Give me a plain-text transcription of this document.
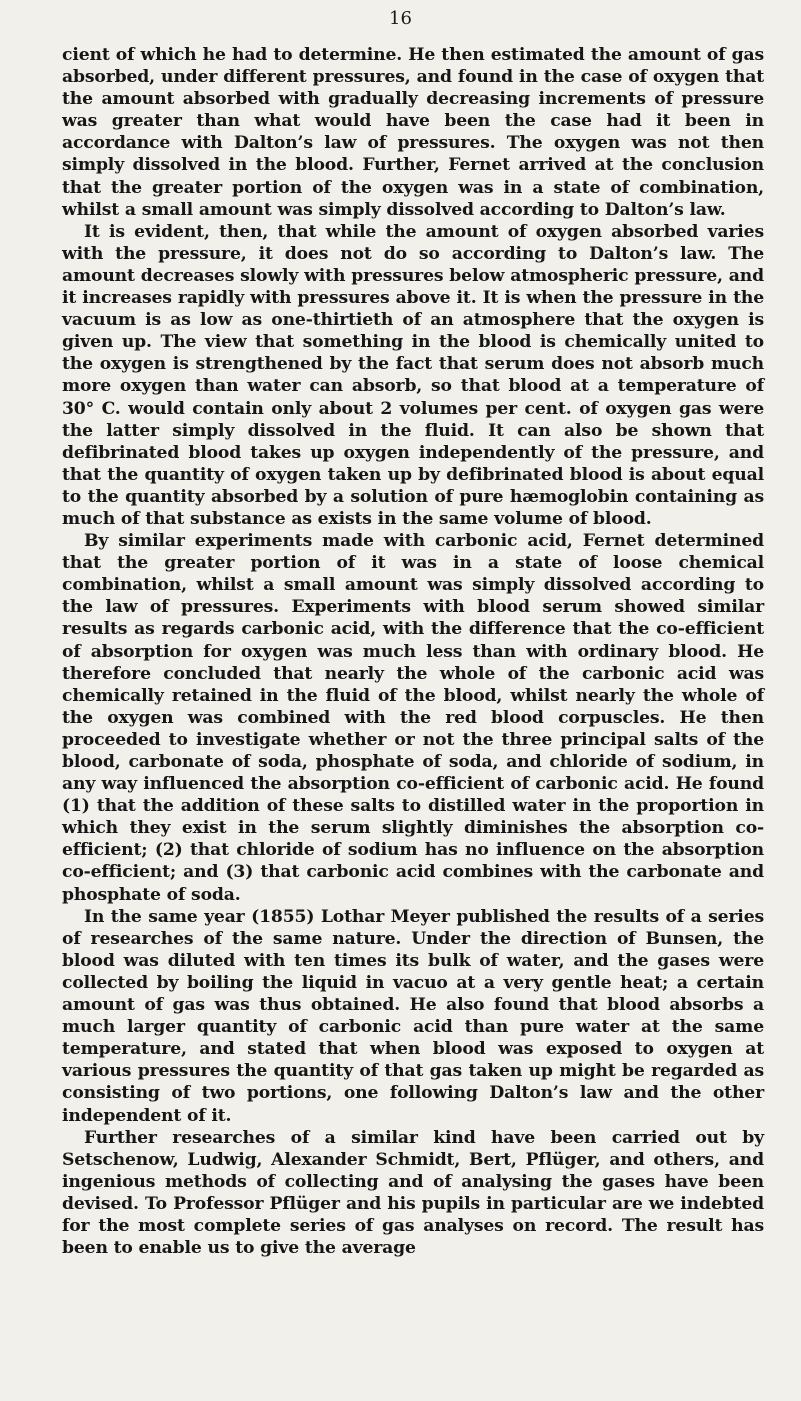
16

cient of which he had to determine. He then estimated the amount of gas absorbed, under different pressures, and found in the case of oxygen that the amount absorbed with gradually decreasing increments of pressure was greater than what would have been the case had it been in accordance with Dalton’s law of pressures. The oxygen was not then simply dissolved in the blood. Further, Fernet arrived at the conclusion that the greater portion of the oxygen was in a state of combination, whilst a small amount was simply dissolved according to Dalton’s law.

It is evident, then, that while the amount of oxygen absorbed varies with the pressure, it does not do so according to Dalton’s law. The amount decreases slowly with pressures below atmospheric pressure, and it increases rapidly with pressures above it. It is when the pressure in the vacuum is as low as one-thirtieth of an atmosphere that the oxygen is given up. The view that something in the blood is chemically united to the oxygen is strengthened by the fact that serum does not absorb much more oxygen than water can absorb, so that blood at a temperature of 30° C. would contain only about 2 volumes per cent. of oxygen gas were the latter simply dissolved in the fluid. It can also be shown that defibrinated blood takes up oxygen independently of the pressure, and that the quantity of oxygen taken up by defibrinated blood is about equal to the quantity absorbed by a solution of pure hæmoglobin containing as much of that substance as exists in the same volume of blood.

By similar experiments made with carbonic acid, Fernet determined that the greater portion of it was in a state of loose chemical combination, whilst a small amount was simply dissolved according to the law of pressures. Experiments with blood serum showed similar results as regards carbonic acid, with the difference that the co-efficient of absorption for oxygen was much less than with ordinary blood. He therefore concluded that nearly the whole of the carbonic acid was chemically retained in the fluid of the blood, whilst nearly the whole of the oxygen was combined with the red blood corpuscles. He then proceeded to investigate whether or not the three principal salts of the blood, carbonate of soda, phosphate of soda, and chloride of sodium, in any way influenced the absorption co-efficient of carbonic acid. He found (1) that the addition of these salts to distilled water in the proportion in which they exist in the serum slightly diminishes the absorption co-efficient; (2) that chloride of sodium has no influence on the absorption co-efficient; and (3) that carbonic acid combines with the carbonate and phosphate of soda.

In the same year (1855) Lothar Meyer published the results of a series of researches of the same nature. Under the direction of Bunsen, the blood was diluted with ten times its bulk of water, and the gases were collected by boiling the liquid in vacuo at a very gentle heat; a certain amount of gas was thus obtained. He also found that blood absorbs a much larger quantity of carbonic acid than pure water at the same temperature, and stated that when blood was exposed to oxygen at various pressures the quantity of that gas taken up might be regarded as consisting of two portions, one following Dalton’s law and the other independent of it.

Further researches of a similar kind have been carried out by Setschenow, Ludwig, Alexander Schmidt, Bert, Pflüger, and others, and ingenious methods of collecting and of analysing the gases have been devised. To Professor Pflüger and his pupils in particular are we indebted for the most complete series of gas analyses on record. The result has been to enable us to give the average
